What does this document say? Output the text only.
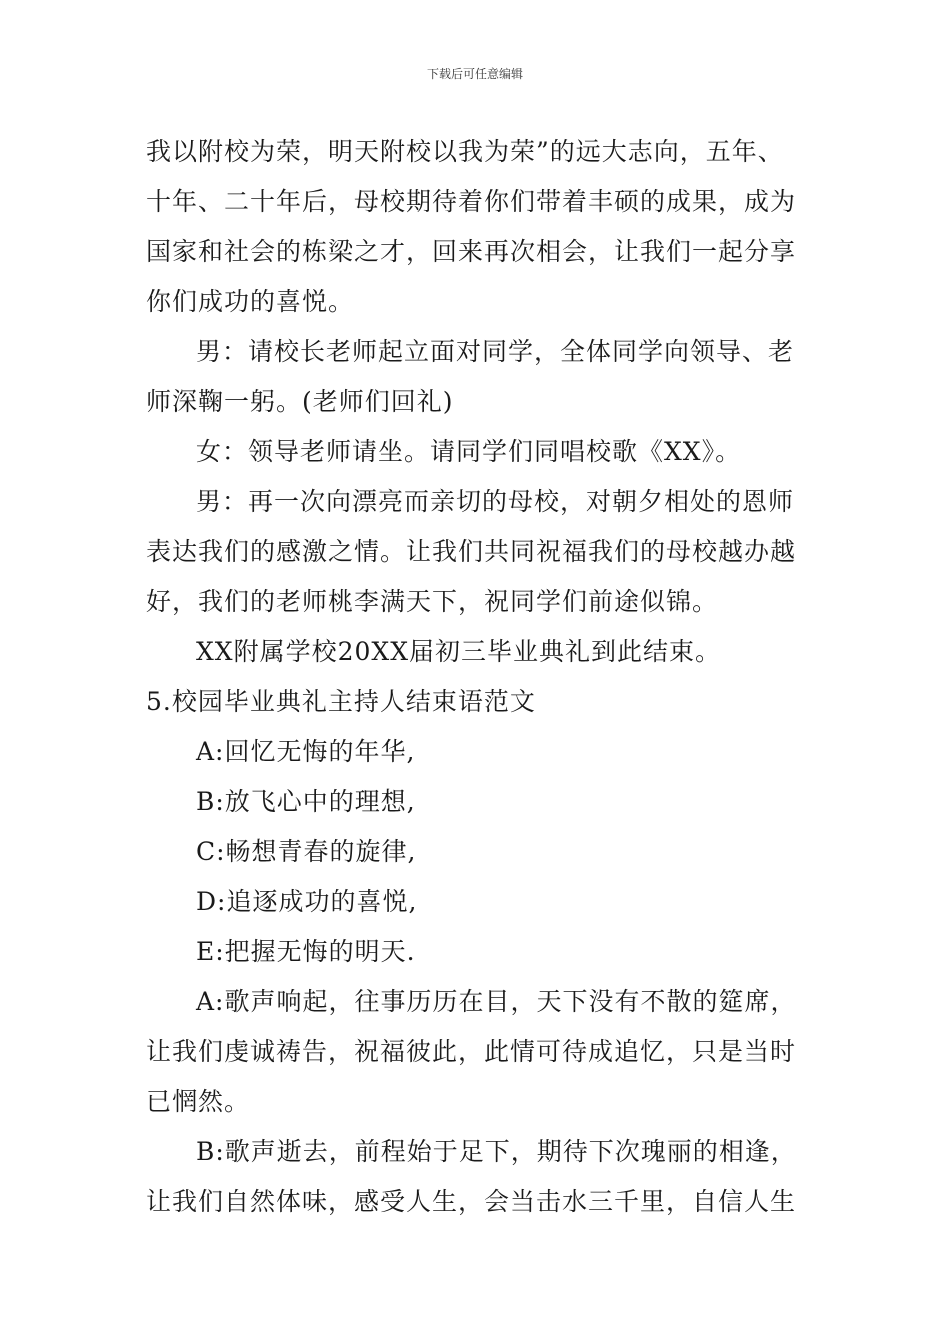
下载后可任意编辑

我以附校为荣，明天附校以我为荣”的远大志向，五年、

十年、二十年后，母校期待着你们带着丰硕的成果，成为

国家和社会的栋梁之才，回来再次相会，让我们一起分享

你们成功的喜悦。

男：请校长老师起立面对同学，全体同学向领导、老

师深鞠一躬。(老师们回礼)

女：领导老师请坐。请同学们同唱校歌《XX》。

男：再一次向漂亮而亲切的母校，对朝夕相处的恩师

表达我们的感激之情。让我们共同祝福我们的母校越办越

好，我们的老师桃李满天下，祝同学们前途似锦。

XX附属学校20XX届初三毕业典礼到此结束。

5.校园毕业典礼主持人结束语范文

A:回忆无悔的年华,

B:放飞心中的理想,

C:畅想青春的旋律,

D:追逐成功的喜悦,

E:把握无悔的明天.

A:歌声响起，往事历历在目，天下没有不散的筵席，

让我们虔诚祷告，祝福彼此，此情可待成追忆，只是当时

已惘然。

B:歌声逝去，前程始于足下，期待下次瑰丽的相逢，

让我们自然体味，感受人生，会当击水三千里，自信人生
